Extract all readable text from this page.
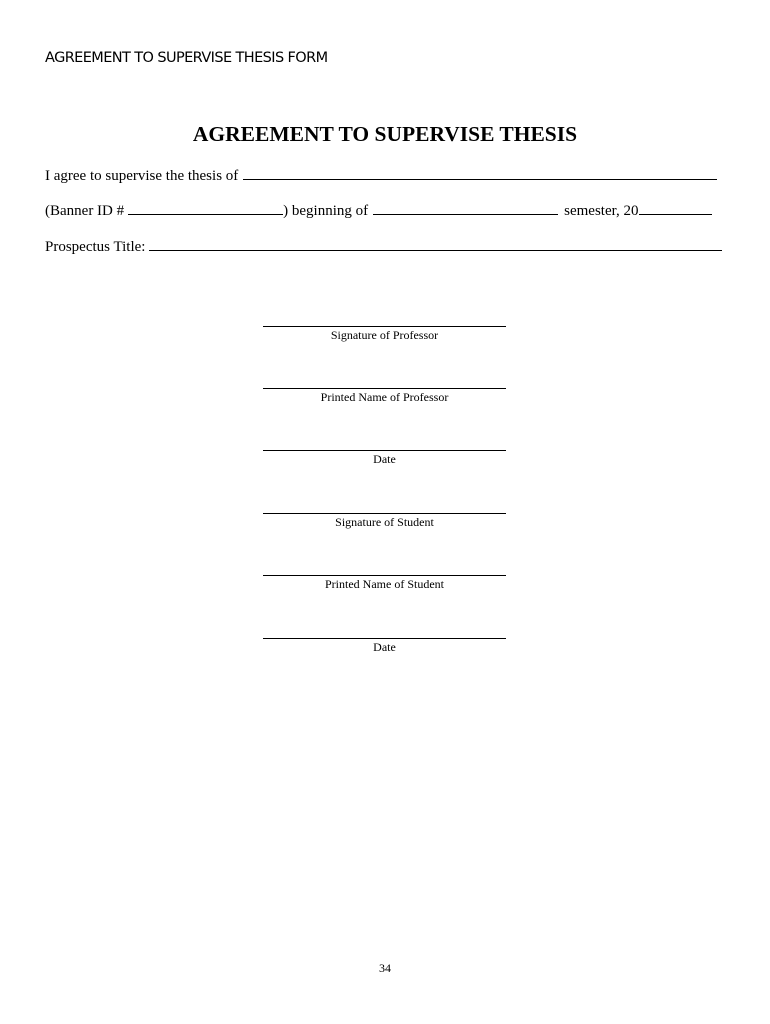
AGREEMENT TO SUPERVISE THESIS FORM
AGREEMENT TO SUPERVISE THESIS
I agree to supervise the thesis of
(Banner ID #	) beginning of	semester, 20
Prospectus Title:
Signature of Professor
Printed Name of Professor
Date
Signature of Student
Printed Name of Student
Date
34
